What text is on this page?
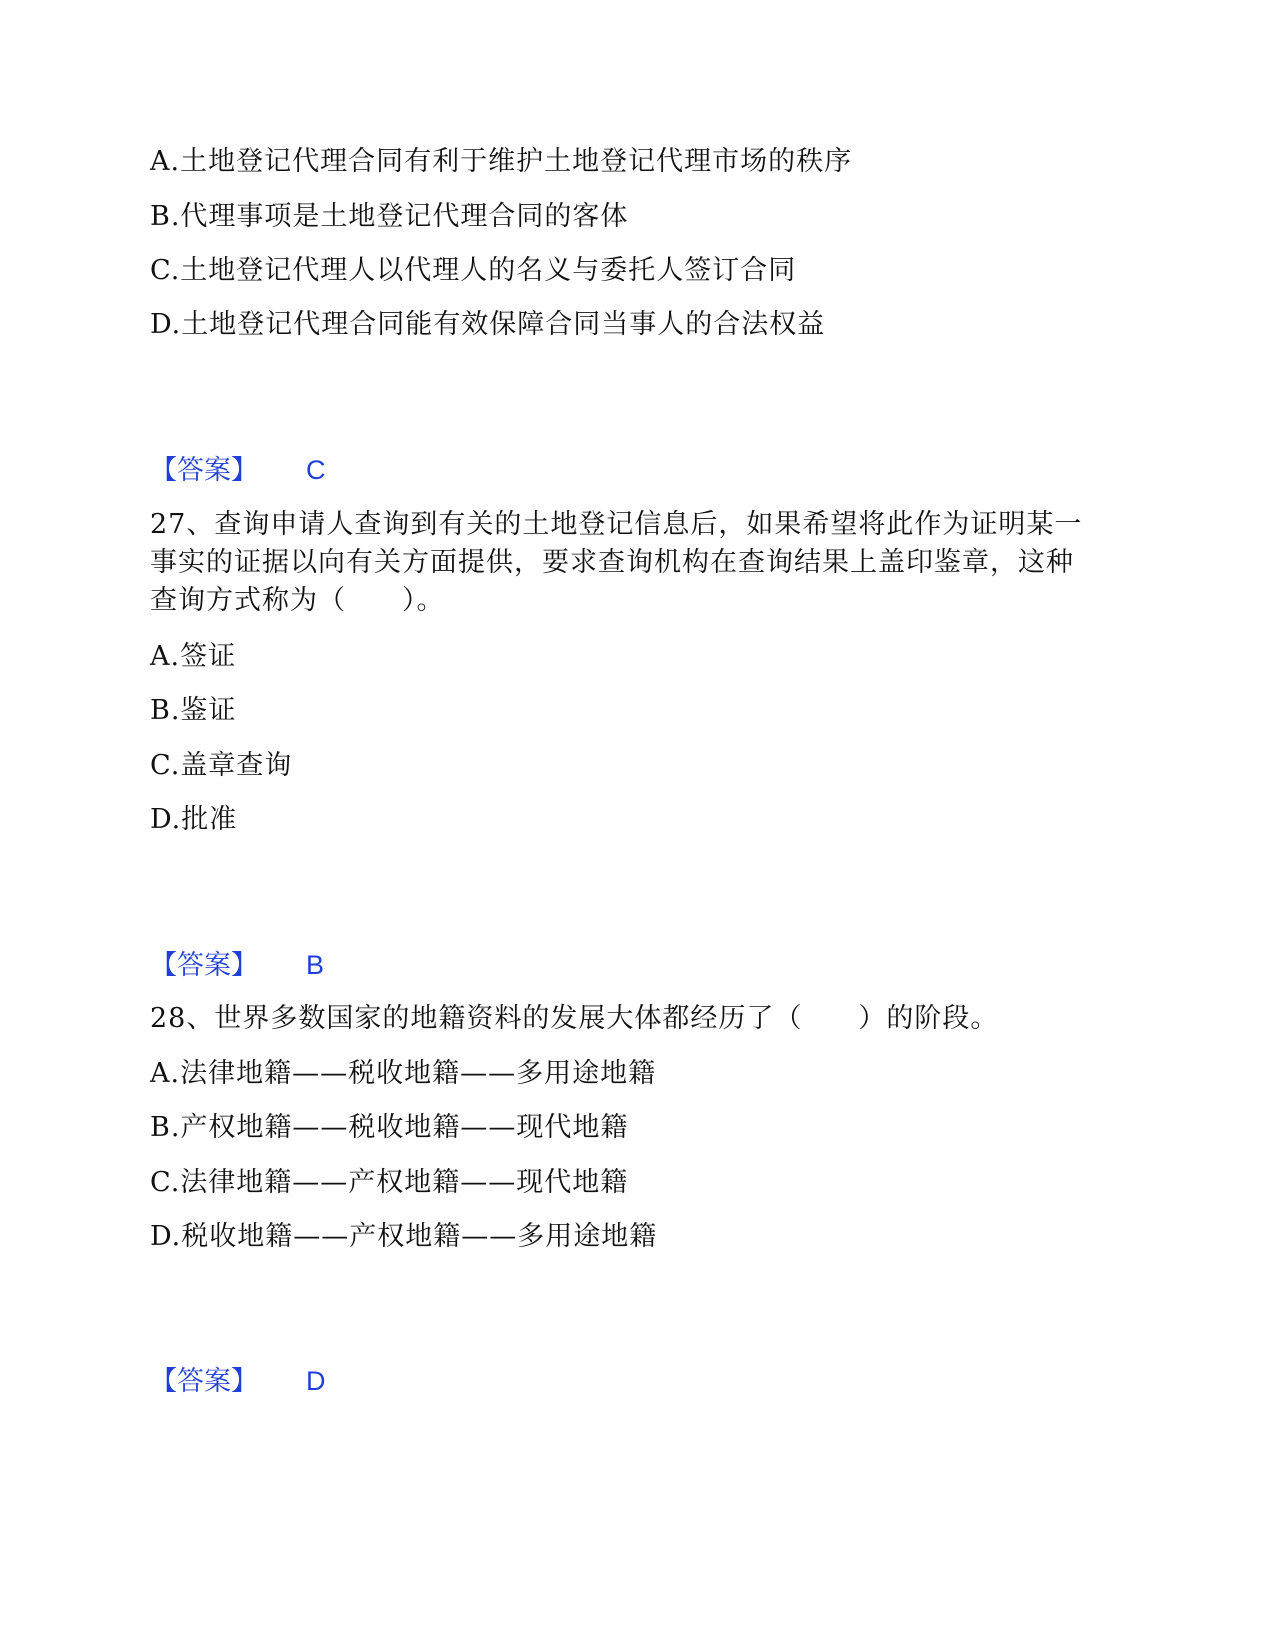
A.土地登记代理合同有利于维护土地登记代理市场的秩序
B.代理事项是土地登记代理合同的客体
C.土地登记代理人以代理人的名义与委托人签订合同
D.土地登记代理合同能有效保障合同当事人的合法权益
【答案】 C
27、查询申请人查询到有关的土地登记信息后，如果希望将此作为证明某一
事实的证据以向有关方面提供，要求查询机构在查询结果上盖印鉴章，这种
查询方式称为（　　）。
A.签证
B.鉴证
C.盖章查询
D.批准
【答案】 B
28、世界多数国家的地籍资料的发展大体都经历了（　　）的阶段。
A.法律地籍——税收地籍——多用途地籍
B.产权地籍——税收地籍——现代地籍
C.法律地籍——产权地籍——现代地籍
D.税收地籍——产权地籍——多用途地籍
【答案】 D
